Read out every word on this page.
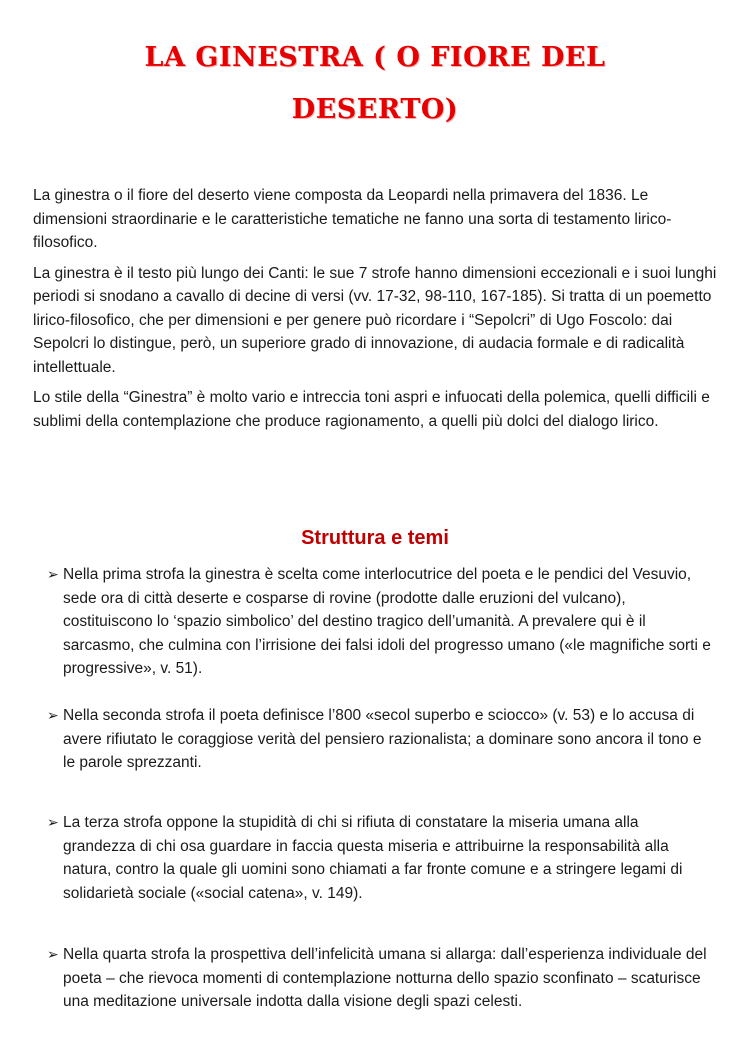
LA GINESTRA ( O FIORE DEL
DESERTO)

La ginestra o il fiore del deserto viene composta da Leopardi nella primavera del 1836. Le dimensioni straordinarie e le caratteristiche tematiche ne fanno una sorta di testamento lirico-filosofico.

La ginestra è il testo più lungo dei Canti: le sue 7 strofe hanno dimensioni eccezionali e i suoi lunghi periodi si snodano a cavallo di decine di versi (vv. 17-32, 98-110, 167-185). Si tratta di un poemetto lirico-filosofico, che per dimensioni e per genere può ricordare i “Sepolcri” di Ugo Foscolo: dai Sepolcri lo distingue, però, un superiore grado di innovazione, di audacia formale e di radicalità intellettuale.

Lo stile della “Ginestra” è molto vario e intreccia toni aspri e infuocati della polemica, quelli difficili e sublimi della contemplazione che produce ragionamento, a quelli più dolci del dialogo lirico.

Struttura e temi
➢ Nella prima strofa la ginestra è scelta come interlocutrice del poeta e le pendici del Vesuvio, sede ora di città deserte e cosparse di rovine (prodotte dalle eruzioni del vulcano), costituiscono lo ‘spazio simbolico’ del destino tragico dell’umanità. A prevalere qui è il sarcasmo, che culmina con l’irrisione dei falsi idoli del progresso umano («le magnifiche sorti e progressive», v. 51).
➢ Nella seconda strofa il poeta definisce l’800 «secol superbo e sciocco» (v. 53) e lo accusa di avere rifiutato le coraggiose verità del pensiero razionalista; a dominare sono ancora il tono e le parole sprezzanti.
➢ La terza strofa oppone la stupidità di chi si rifiuta di constatare la miseria umana alla grandezza di chi osa guardare in faccia questa miseria e attribuirne la responsabilità alla natura, contro la quale gli uomini sono chiamati a far fronte comune e a stringere legami di solidarietà sociale («social catena», v. 149).
➢ Nella quarta strofa la prospettiva dell’infelicità umana si allarga: dall’esperienza individuale del poeta – che rievoca momenti di contemplazione notturna dello spazio sconfinato – scaturisce una meditazione universale indotta dalla visione degli spazi celesti.
